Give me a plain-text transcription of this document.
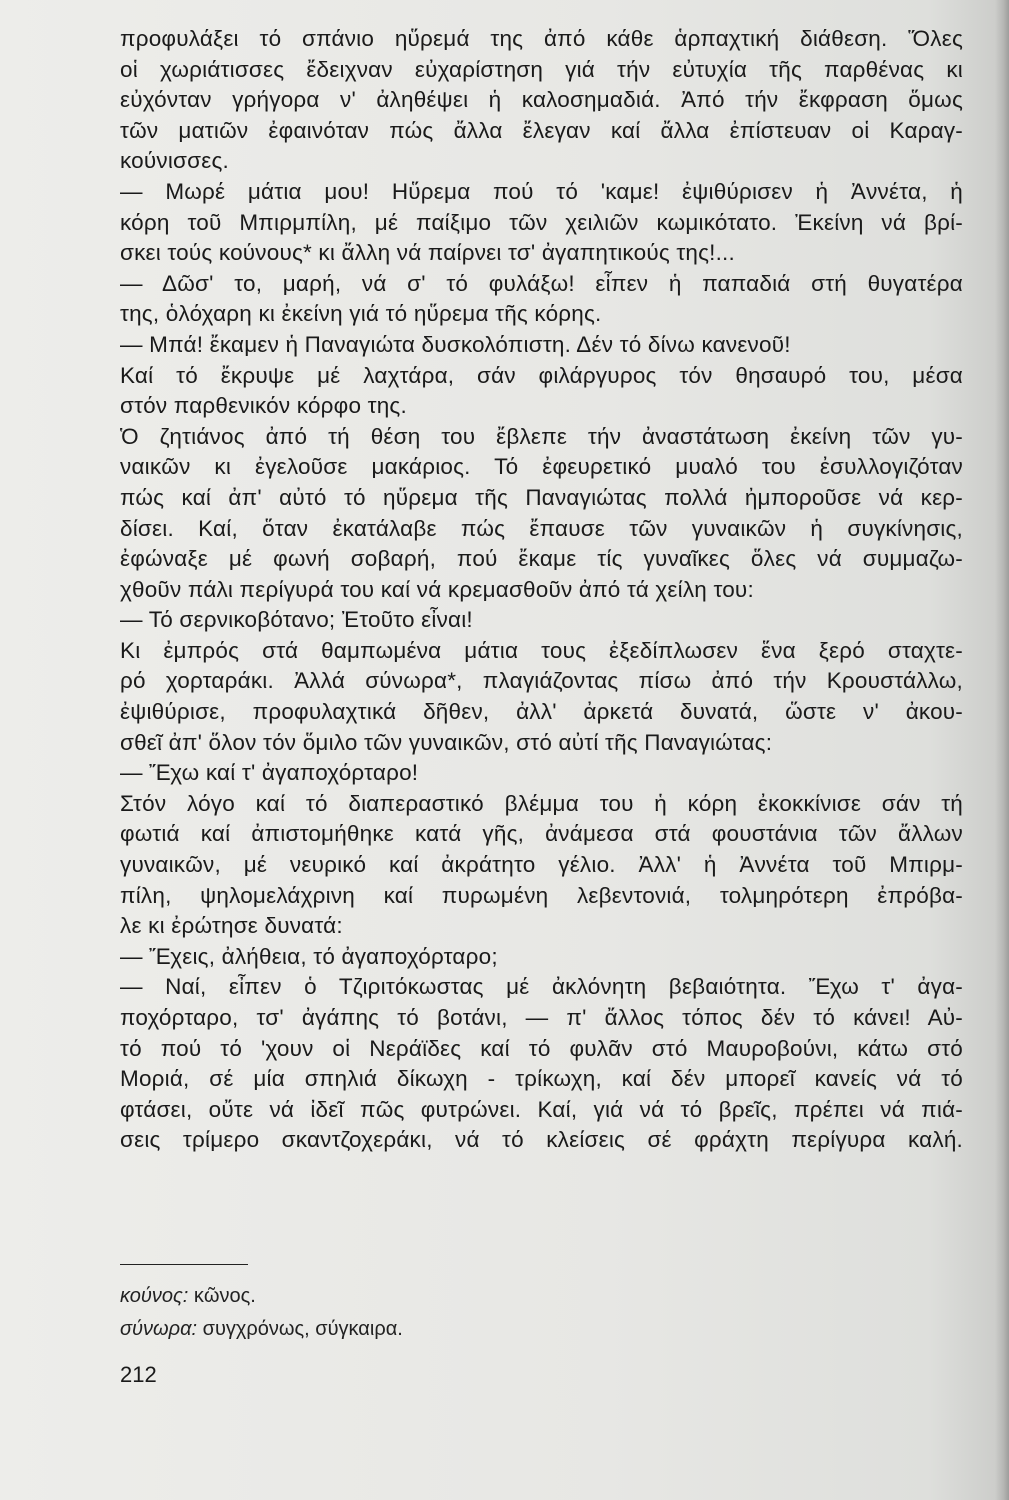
προφυλάξει τό σπάνιο ηὕρεμά της ἀπό κάθε ἁρπαχτική διάθεση. Ὅλες
οἱ χωριάτισσες ἔδειχναν εὐχαρίστηση γιά τήν εὐτυχία τῆς παρθένας κι
εὐχόνταν γρήγορα ν' ἀληθέψει ἡ καλοσημαδιά. Ἀπό τήν ἔκφραση ὅμως
τῶν ματιῶν ἐφαινόταν πώς ἄλλα ἔλεγαν καί ἄλλα ἐπίστευαν οἱ Καραγ-
κούνισσες.
— Μωρέ μάτια μου! Ηὕρεμα πού τό 'καμε! ἐψιθύρισεν ἡ Ἀννέτα, ἡ
κόρη τοῦ Μπιρμπίλη, μέ παίξιμο τῶν χειλιῶν κωμικότατο. Ἐκείνη νά βρί-
σκει τούς κούνους* κι ἄλλη νά παίρνει τσ' ἀγαπητικούς της!...
— Δῶσ' το, μαρή, νά σ' τό φυλάξω! εἶπεν ἡ παπαδιά στή θυγατέρα
της, ὁλόχαρη κι ἐκείνη γιά τό ηὕρεμα τῆς κόρης.
— Μπά! ἔκαμεν ἡ Παναγιώτα δυσκολόπιστη. Δέν τό δίνω κανενοῦ!
Καί τό ἔκρυψε μέ λαχτάρα, σάν φιλάργυρος τόν θησαυρό του, μέσα
στόν παρθενικόν κόρφο της.
Ὁ ζητιάνος ἀπό τή θέση του ἔβλεπε τήν ἀναστάτωση ἐκείνη τῶν γυ-
ναικῶν κι ἐγελοῦσε μακάριος. Τό ἐφευρετικό μυαλό του ἐσυλλογιζόταν
πώς καί ἀπ' αὐτό τό ηὕρεμα τῆς Παναγιώτας πολλά ἠμποροῦσε νά κερ-
δίσει. Καί, ὅταν ἐκατάλαβε πώς ἔπαυσε τῶν γυναικῶν ἡ συγκίνησις,
ἐφώναξε μέ φωνή σοβαρή, πού ἔκαμε τίς γυναῖκες ὅλες νά συμμαζω-
χθοῦν πάλι περίγυρά του καί νά κρεμασθοῦν ἀπό τά χείλη του:
— Τό σερνικοβότανο; Ἐτοῦτο εἶναι!
Κι ἐμπρός στά θαμπωμένα μάτια τους ἐξεδίπλωσεν ἕνα ξερό σταχτε-
ρό χορταράκι. Ἀλλά σύνωρα*, πλαγιάζοντας πίσω ἀπό τήν Κρουστάλλω,
ἐψιθύρισε, προφυλαχτικά δῆθεν, ἀλλ' ἀρκετά δυνατά, ὥστε ν' ἀκου-
σθεῖ ἀπ' ὅλον τόν ὅμιλο τῶν γυναικῶν, στό αὐτί τῆς Παναγιώτας:
— Ἔχω καί τ' ἀγαποχόρταρο!
Στόν λόγο καί τό διαπεραστικό βλέμμα του ἡ κόρη ἐκοκκίνισε σάν τή
φωτιά καί ἀπιστομήθηκε κατά γῆς, ἀνάμεσα στά φουστάνια τῶν ἄλλων
γυναικῶν, μέ νευρικό καί ἀκράτητο γέλιο. Ἀλλ' ἡ Ἀννέτα τοῦ Μπιρμ-
πίλη, ψηλομελάχρινη καί πυρωμένη λεβεντονιά, τολμηρότερη ἐπρόβα-
λε κι ἐρώτησε δυνατά:
— Ἔχεις, ἀλήθεια, τό ἀγαποχόρταρο;
— Ναί, εἶπεν ὁ Τζιριτόκωστας μέ ἀκλόνητη βεβαιότητα. Ἔχω τ' ἀγα-
ποχόρταρο, τσ' ἀγάπης τό βοτάνι, — π' ἄλλος τόπος δέν τό κάνει! Αὐ-
τό πού τό 'χουν οἱ Νεράϊδες καί τό φυλᾶν στό Μαυροβούνι, κάτω στό
Μοριά, σέ μία σπηλιά δίκωχη - τρίκωχη, καί δέν μπορεῖ κανείς νά τό
φτάσει, οὔτε νά ἰδεῖ πῶς φυτρώνει. Καί, γιά νά τό βρεῖς, πρέπει νά πιά-
σεις τρίμερο σκαντζοχεράκι, νά τό κλείσεις σέ φράχτη περίγυρα καλή.
κούνος: κῶνος.
σύνωρα: συγχρόνως, σύγκαιρα.
212
